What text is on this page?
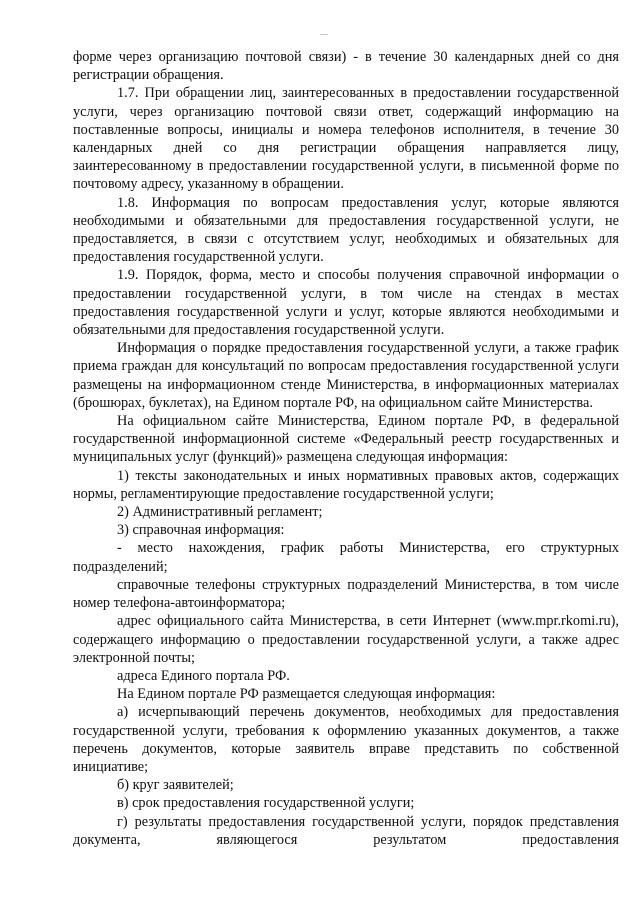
форме через организацию почтовой связи) - в течение 30 календарных дней со дня регистрации обращения.

1.7. При обращении лиц, заинтересованных в предоставлении государственной услуги, через организацию почтовой связи ответ, содержащий информацию на поставленные вопросы, инициалы и номера телефонов исполнителя, в течение 30 календарных дней со дня регистрации обращения направляется лицу, заинтересованному в предоставлении государственной услуги, в письменной форме по почтовому адресу, указанному в обращении.

1.8. Информация по вопросам предоставления услуг, которые являются необходимыми и обязательными для предоставления государственной услуги, не предоставляется, в связи с отсутствием услуг, необходимых и обязательных для предоставления государственной услуги.

1.9. Порядок, форма, место и способы получения справочной информации о предоставлении государственной услуги, в том числе на стендах в местах предоставления государственной услуги и услуг, которые являются необходимыми и обязательными для предоставления государственной услуги.

Информация о порядке предоставления государственной услуги, а также график приема граждан для консультаций по вопросам предоставления государственной услуги размещены на информационном стенде Министерства, в информационных материалах (брошюрах, буклетах), на Едином портале РФ, на официальном сайте Министерства.

На официальном сайте Министерства, Едином портале РФ, в федеральной государственной информационной системе «Федеральный реестр государственных и муниципальных услуг (функций)» размещена следующая информация:

1) тексты законодательных и иных нормативных правовых актов, содержащих нормы, регламентирующие предоставление государственной услуги;

2) Административный регламент;

3) справочная информация:

- место нахождения, график работы Министерства, его структурных подразделений;

справочные телефоны структурных подразделений Министерства, в том числе номер телефона-автоинформатора;

адрес официального сайта Министерства, в сети Интернет (www.mpr.rkomi.ru), содержащего информацию о предоставлении государственной услуги, а также адрес электронной почты;

адреса Единого портала РФ.

На Едином портале РФ размещается следующая информация:

а) исчерпывающий перечень документов, необходимых для предоставления государственной услуги, требования к оформлению указанных документов, а также перечень документов, которые заявитель вправе представить по собственной инициативе;

б) круг заявителей;

в) срок предоставления государственной услуги;

г) результаты предоставления государственной услуги, порядок представления документа, являющегося результатом предоставления
